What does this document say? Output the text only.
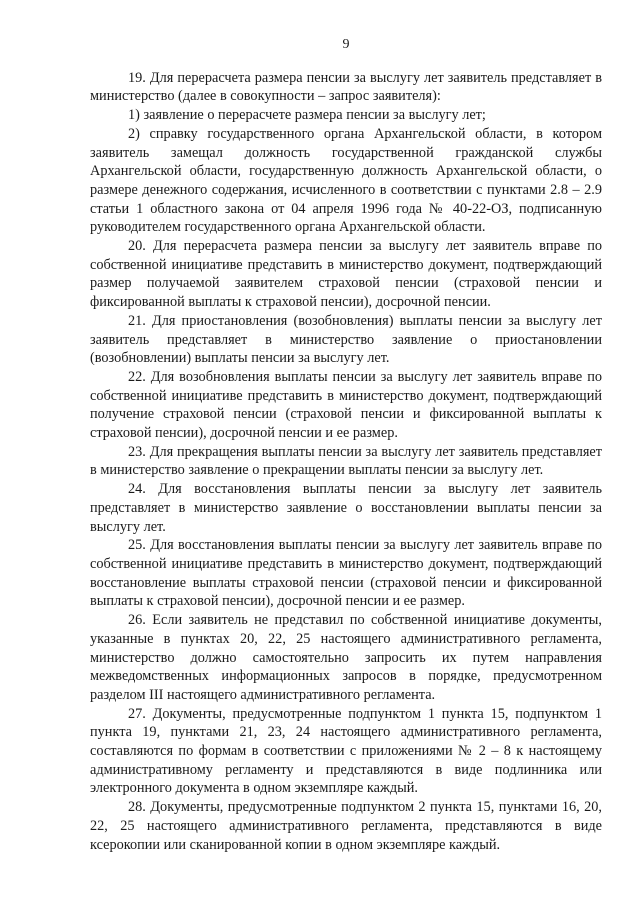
9

19. Для перерасчета размера пенсии за выслугу лет заявитель представляет в министерство (далее в совокупности – запрос заявителя):

1) заявление о перерасчете размера пенсии за выслугу лет;

2) справку государственного органа Архангельской области, в котором заявитель замещал должность государственной гражданской службы Архангельской области, государственную должность Архангельской области, о размере денежного содержания, исчисленного в соответствии с пунктами 2.8 – 2.9 статьи 1 областного закона от 04 апреля 1996 года № 40-22-ОЗ, подписанную руководителем государственного органа Архангельской области.

20. Для перерасчета размера пенсии за выслугу лет заявитель вправе по собственной инициативе представить в министерство документ, подтверждающий размер получаемой заявителем страховой пенсии (страховой пенсии и фиксированной выплаты к страховой пенсии), досрочной пенсии.

21. Для приостановления (возобновления) выплаты пенсии за выслугу лет заявитель представляет в министерство заявление о приостановлении (возобновлении) выплаты пенсии за выслугу лет.

22. Для возобновления выплаты пенсии за выслугу лет заявитель вправе по собственной инициативе представить в министерство документ, подтверждающий получение страховой пенсии (страховой пенсии и фиксированной выплаты к страховой пенсии), досрочной пенсии и ее размер.

23. Для прекращения выплаты пенсии за выслугу лет заявитель представляет в министерство заявление о прекращении выплаты пенсии за выслугу лет.

24. Для восстановления выплаты пенсии за выслугу лет заявитель представляет в министерство заявление о восстановлении выплаты пенсии за выслугу лет.

25. Для восстановления выплаты пенсии за выслугу лет заявитель вправе по собственной инициативе представить в министерство документ, подтверждающий восстановление выплаты страховой пенсии (страховой пенсии и фиксированной выплаты к страховой пенсии), досрочной пенсии и ее размер.

26. Если заявитель не представил по собственной инициативе документы, указанные в пунктах 20, 22, 25 настоящего административного регламента, министерство должно самостоятельно запросить их путем направления межведомственных информационных запросов в порядке, предусмотренном разделом III настоящего административного регламента.

27. Документы, предусмотренные подпунктом 1 пункта 15, подпунктом 1 пункта 19, пунктами 21, 23, 24 настоящего административного регламента, составляются по формам в соответствии с приложениями № 2 – 8 к настоящему административному регламенту и представляются в виде подлинника или электронного документа в одном экземпляре каждый.

28. Документы, предусмотренные подпунктом 2 пункта 15, пунктами 16, 20, 22, 25 настоящего административного регламента, представляются в виде ксерокопии или сканированной копии в одном экземпляре каждый.
